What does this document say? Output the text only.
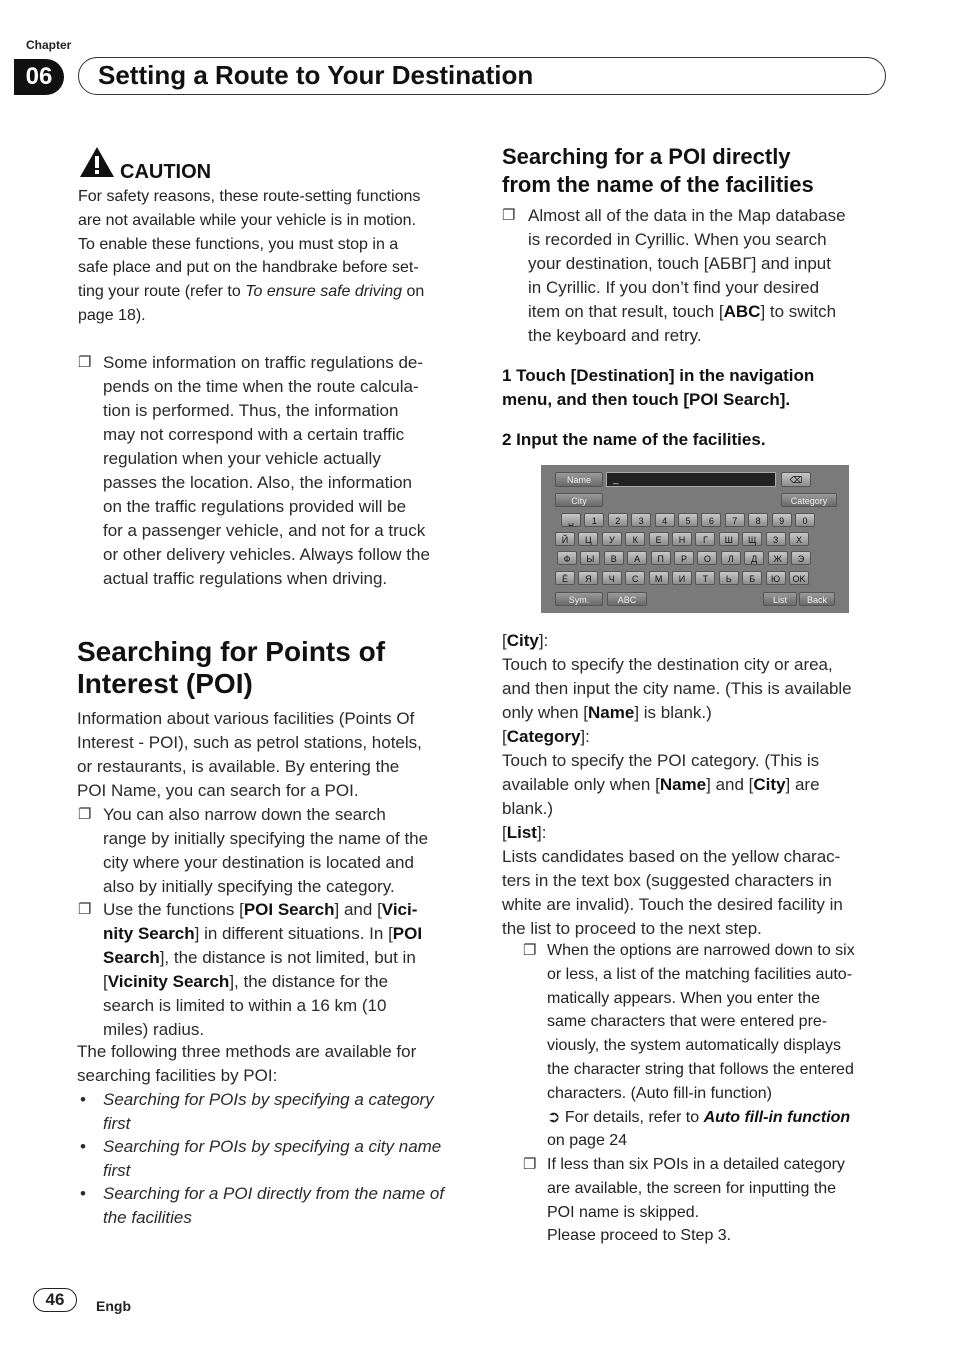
Chapter
06	Setting a Route to Your Destination
CAUTION
For safety reasons, these route-setting functions
are not available while your vehicle is in motion.
To enable these functions, you must stop in a
safe place and put on the handbrake before set-
ting your route (refer to To ensure safe driving on
page 18).
❐ Some information on traffic regulations de-
pends on the time when the route calcula-
tion is performed. Thus, the information
may not correspond with a certain traffic
regulation when your vehicle actually
passes the location. Also, the information
on the traffic regulations provided will be
for a passenger vehicle, and not for a truck
or other delivery vehicles. Always follow the
actual traffic regulations when driving.
Searching for Points of
Interest (POI)
Information about various facilities (Points Of
Interest - POI), such as petrol stations, hotels,
or restaurants, is available. By entering the
POI Name, you can search for a POI.
❐ You can also narrow down the search
range by initially specifying the name of the
city where your destination is located and
also by initially specifying the category.
❐ Use the functions [POI Search] and [Vici-
nity Search] in different situations. In [POI
Search], the distance is not limited, but in
[Vicinity Search], the distance for the
search is limited to within a 16 km (10
miles) radius.
The following three methods are available for
searching facilities by POI:
• Searching for POIs by specifying a category
first
• Searching for POIs by specifying a city name
first
• Searching for a POI directly from the name of
the facilities
Searching for a POI directly
from the name of the facilities
❐ Almost all of the data in the Map database
is recorded in Cyrillic. When you search
your destination, touch [АБВГ] and input
in Cyrillic. If you don’t find your desired
item on that result, touch [ABC] to switch
the keyboard and retry.
1 Touch [Destination] in the navigation
menu, and then touch [POI Search].
2 Input the name of the facilities.
Name	_	⌫
City	Category
␣	1	2	3	4	5	6	7	8	9	0
Й	Ц	У	К	Е	Н	Г	Ш	Щ	З	Х
Ф	Ы	В	А	П	Р	О	Л	Д	Ж	Э
Ё	Я	Ч	С	М	И	Т	Ь	Б	Ю	OK
Sym.	ABC	List	Back
[City]:
Touch to specify the destination city or area,
and then input the city name. (This is available
only when [Name] is blank.)
[Category]:
Touch to specify the POI category. (This is
available only when [Name] and [City] are
blank.)
[List]:
Lists candidates based on the yellow charac-
ters in the text box (suggested characters in
white are invalid). Touch the desired facility in
the list to proceed to the next step.
❐ When the options are narrowed down to six
or less, a list of the matching facilities auto-
matically appears. When you enter the
same characters that were entered pre-
viously, the system automatically displays
the character string that follows the entered
characters. (Auto fill-in function)
➲ For details, refer to Auto fill-in function
on page 24
❐ If less than six POIs in a detailed category
are available, the screen for inputting the
POI name is skipped.
Please proceed to Step 3.
46	Engb
